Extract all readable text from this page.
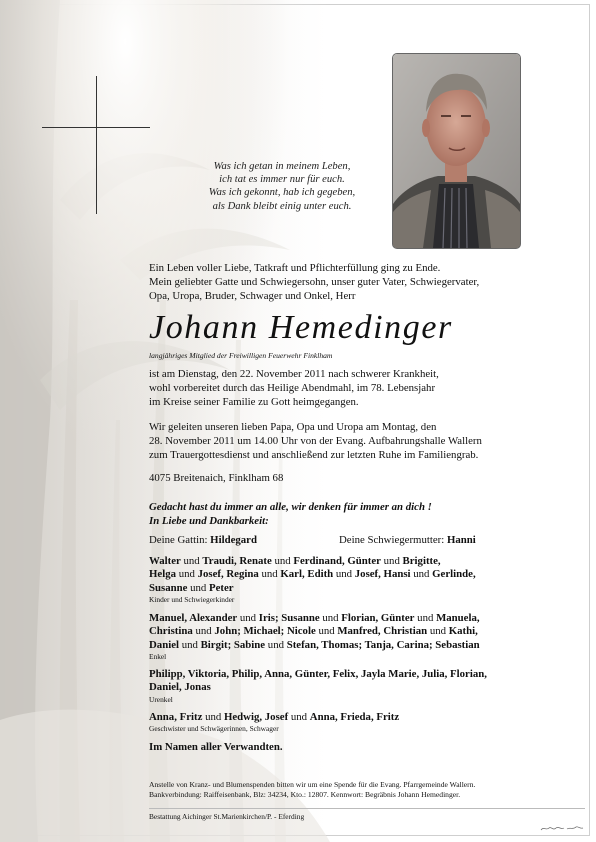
Was ich getan in meinem Leben,
ich tat es immer nur für euch.
Was ich gekonnt, hab ich gegeben,
als Dank bleibt einig unter euch.
Ein Leben voller Liebe, Tatkraft und Pflichterfüllung ging zu Ende.
Mein geliebter Gatte und Schwiegersohn, unser guter Vater, Schwiegervater,
Opa, Uropa, Bruder, Schwager und Onkel, Herr
Johann Hemedinger
langjähriges Mitglied der Freiwilligen Feuerwehr Finklham
ist am Dienstag, den 22. November 2011 nach schwerer Krankheit,
wohl vorbereitet durch das Heilige Abendmahl, im 78. Lebensjahr
im Kreise seiner Familie zu Gott heimgegangen.
Wir geleiten unseren lieben Papa, Opa und Uropa am Montag, den
28. November 2011 um 14.00 Uhr von der Evang. Aufbahrungshalle Wallern
zum Trauergottesdienst und anschließend zur letzten Ruhe im Familiengrab.
4075 Breitenaich, Finklham 68
Gedacht hast du immer an alle, wir denken für immer an dich !
In Liebe und Dankbarkeit:
Deine Gattin: Hildegard	Deine Schwiegermutter: Hanni
Walter und Traudi, Renate und Ferdinand, Günter und Brigitte,
Helga und Josef, Regina und Karl, Edith und Josef, Hansi und Gerlinde,
Susanne und Peter
Kinder und Schwiegerkinder
Manuel, Alexander und Iris; Susanne und Florian, Günter und Manuela,
Christina und John; Michael; Nicole und Manfred, Christian und Kathi,
Daniel und Birgit; Sabine und Stefan, Thomas; Tanja, Carina; Sebastian
Enkel
Philipp, Viktoria, Philip, Anna, Günter, Felix, Jayla Marie, Julia, Florian,
Daniel, Jonas
Urenkel
Anna, Fritz und Hedwig, Josef und Anna, Frieda, Fritz
Geschwister und Schwägerinnen, Schwager
Im Namen aller Verwandten.
Anstelle von Kranz- und Blumenspenden bitten wir um eine Spende für die Evang. Pfarrgemeinde Wallern.
Bankverbindung: Raiffeisenbank, Blz: 34234, Kto.: 12807. Kennwort: Begräbnis Johann Hemedinger.
Bestattung Aichinger St.Marienkirchen/P. - Eferding
